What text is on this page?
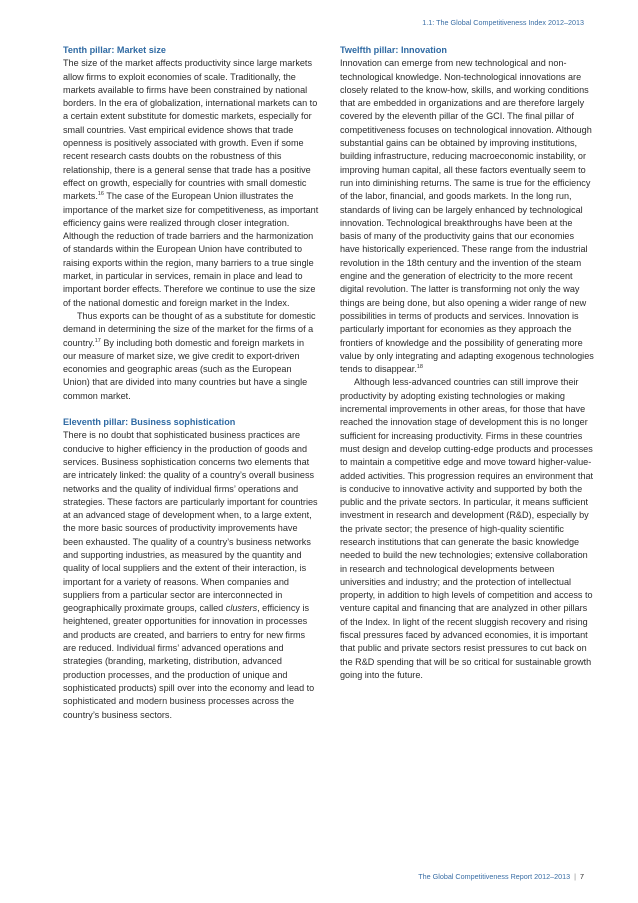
1.1: The Global Competitiveness Index 2012–2013

Tenth pillar: Market size

The size of the market affects productivity since large markets allow firms to exploit economies of scale. Traditionally, the markets available to firms have been constrained by national borders. In the era of globalization, international markets can to a certain extent substitute for domestic markets, especially for small countries. Vast empirical evidence shows that trade openness is positively associated with growth. Even if some recent research casts doubts on the robustness of this relationship, there is a general sense that trade has a positive effect on growth, especially for countries with small domestic markets.$^{16}$ The case of the European Union illustrates the importance of the market size for competitiveness, as important efficiency gains were realized through closer integration. Although the reduction of trade barriers and the harmonization of standards within the European Union have contributed to raising exports within the region, many barriers to a true single market, in particular in services, remain in place and lead to important border effects. Therefore we continue to use the size of the national domestic and foreign market in the Index.

Thus exports can be thought of as a substitute for domestic demand in determining the size of the market for the firms of a country.$^{17}$ By including both domestic and foreign markets in our measure of market size, we give credit to export-driven economies and geographic areas (such as the European Union) that are divided into many countries but have a single common market.

Eleventh pillar: Business sophistication

There is no doubt that sophisticated business practices are conducive to higher efficiency in the production of goods and services. Business sophistication concerns two elements that are intricately linked: the quality of a country’s overall business networks and the quality of individual firms’ operations and strategies. These factors are particularly important for countries at an advanced stage of development when, to a large extent, the more basic sources of productivity improvements have been exhausted. The quality of a country’s business networks and supporting industries, as measured by the quantity and quality of local suppliers and the extent of their interaction, is important for a variety of reasons. When companies and suppliers from a particular sector are interconnected in geographically proximate groups, called clusters, efficiency is heightened, greater opportunities for innovation in processes and products are created, and barriers to entry for new firms are reduced. Individual firms’ advanced operations and strategies (branding, marketing, distribution, advanced production processes, and the production of unique and sophisticated products) spill over into the economy and lead to sophisticated and modern business processes across the country’s business sectors.

Twelfth pillar: Innovation

Innovation can emerge from new technological and non-technological knowledge. Non-technological innovations are closely related to the know-how, skills, and working conditions that are embedded in organizations and are therefore largely covered by the eleventh pillar of the GCI. The final pillar of competitiveness focuses on technological innovation. Although substantial gains can be obtained by improving institutions, building infrastructure, reducing macroeconomic instability, or improving human capital, all these factors eventually seem to run into diminishing returns. The same is true for the efficiency of the labor, financial, and goods markets. In the long run, standards of living can be largely enhanced by technological innovation. Technological breakthroughs have been at the basis of many of the productivity gains that our economies have historically experienced. These range from the industrial revolution in the 18th century and the invention of the steam engine and the generation of electricity to the more recent digital revolution. The latter is transforming not only the way things are being done, but also opening a wider range of new possibilities in terms of products and services. Innovation is particularly important for economies as they approach the frontiers of knowledge and the possibility of generating more value by only integrating and adapting exogenous technologies tends to disappear.$^{18}$

Although less-advanced countries can still improve their productivity by adopting existing technologies or making incremental improvements in other areas, for those that have reached the innovation stage of development this is no longer sufficient for increasing productivity. Firms in these countries must design and develop cutting-edge products and processes to maintain a competitive edge and move toward higher-value-added activities. This progression requires an environment that is conducive to innovative activity and supported by both the public and the private sectors. In particular, it means sufficient investment in research and development (R&D), especially by the private sector; the presence of high-quality scientific research institutions that can generate the basic knowledge needed to build the new technologies; extensive collaboration in research and technological developments between universities and industry; and the protection of intellectual property, in addition to high levels of competition and access to venture capital and financing that are analyzed in other pillars of the Index. In light of the recent sluggish recovery and rising fiscal pressures faced by advanced economies, it is important that public and private sectors resist pressures to cut back on the R&D spending that will be so critical for sustainable growth going into the future.

The Global Competitiveness Report 2012–2013 | 7
